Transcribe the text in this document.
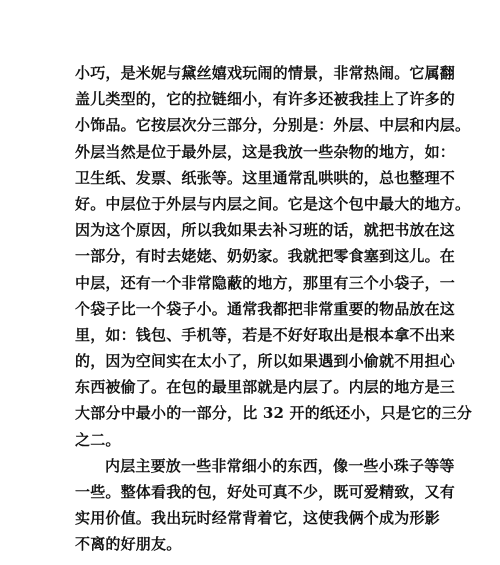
小巧，是米妮与黛丝嬉戏玩闹的情景，非常热闹。它属翻
盖儿类型的，它的拉链细小，有许多还被我挂上了许多的
小饰品。它按层次分三部分，分别是：外层、中层和内层。
外层当然是位于最外层，这是我放一些杂物的地方，如：
卫生纸、发票、纸张等。这里通常乱哄哄的，总也整理不
好。中层位于外层与内层之间。它是这个包中最大的地方。
因为这个原因，所以我如果去补习班的话，就把书放在这
一部分，有时去姥姥、奶奶家。我就把零食塞到这儿。在
中层，还有一个非常隐蔽的地方，那里有三个小袋子，一
个袋子比一个袋子小。通常我都把非常重要的物品放在这
里，如：钱包、手机等，若是不好好取出是根本拿不出来
的，因为空间实在太小了，所以如果遇到小偷就不用担心
东西被偷了。在包的最里部就是内层了。内层的地方是三
大部分中最小的一部分，比 32 开的纸还小，只是它的三分
之二。
内层主要放一些非常细小的东西，像一些小珠子等等
一些。整体看我的包，好处可真不少，既可爱精致，又有
实用价值。我出玩时经常背着它，这使我俩个成为形影
不离的好朋友。
